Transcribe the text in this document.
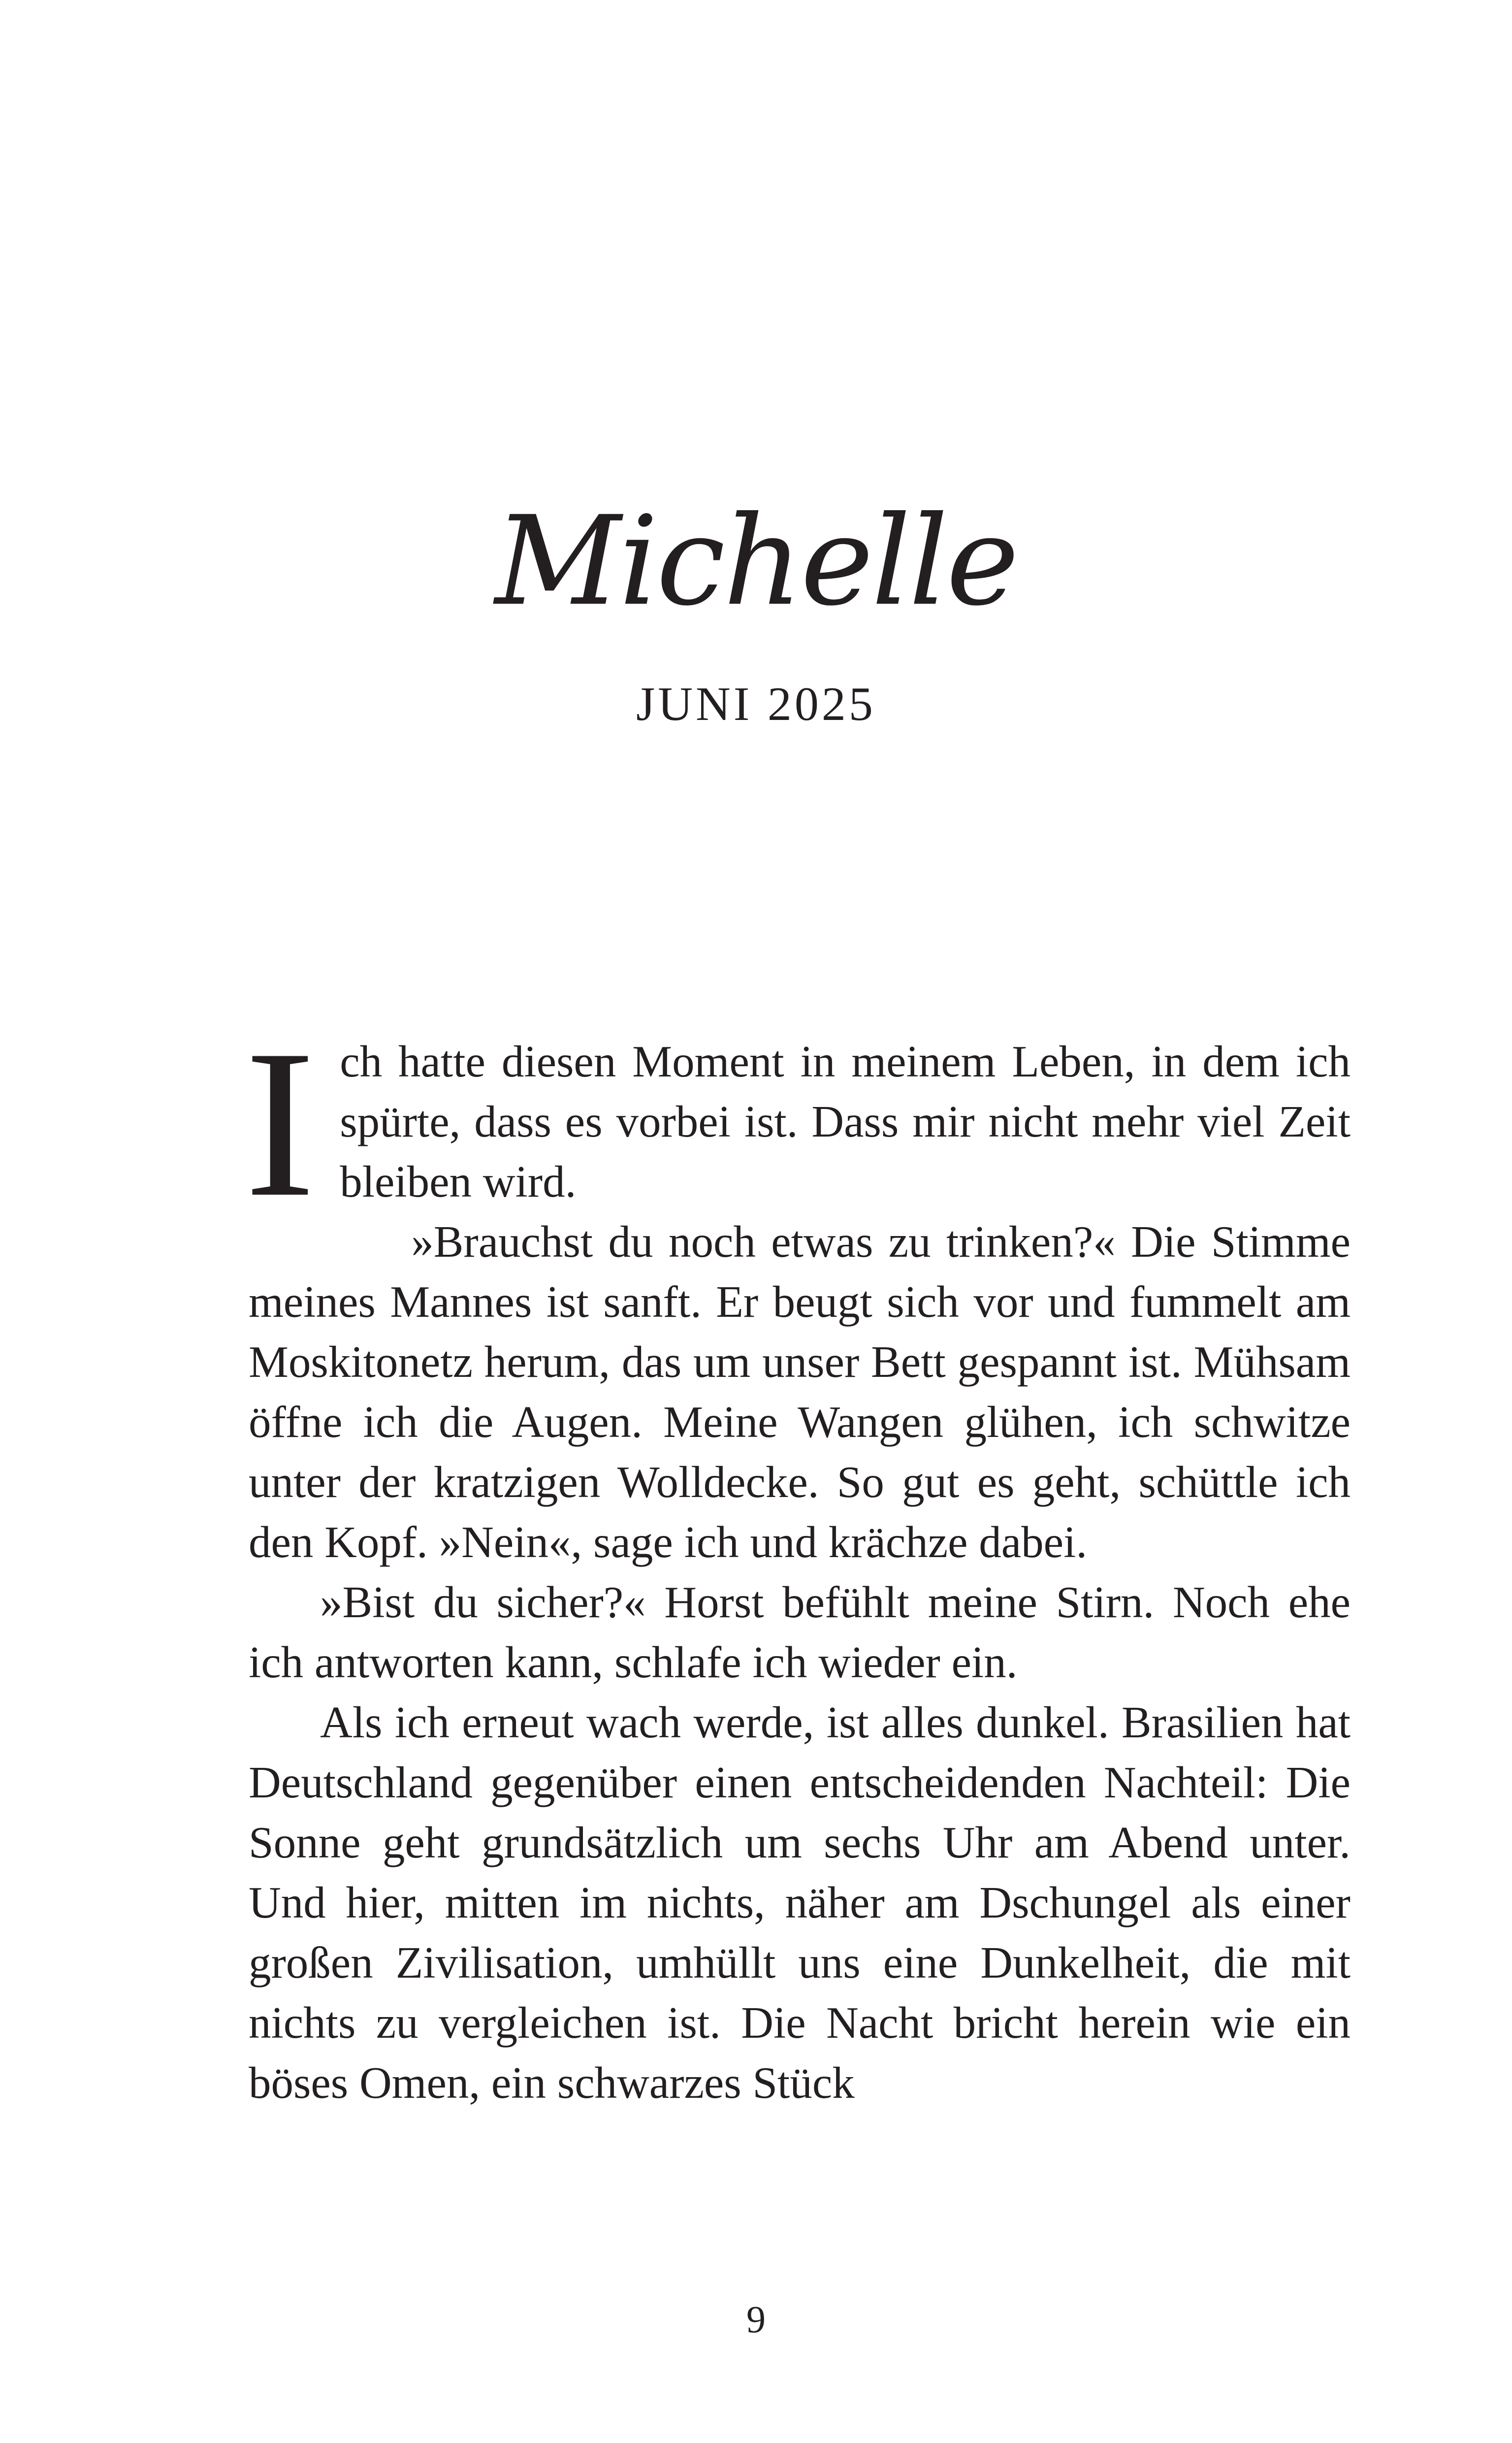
Michelle
JUNI 2025

Ich hatte diesen Moment in meinem Leben, in dem ich spürte, dass es vorbei ist. Dass mir nicht mehr viel Zeit bleiben wird.

»Brauchst du noch etwas zu trinken?« Die Stimme meines Mannes ist sanft. Er beugt sich vor und fummelt am Moskitonetz herum, das um unser Bett gespannt ist. Mühsam öffne ich die Augen. Meine Wangen glühen, ich schwitze unter der kratzigen Wolldecke. So gut es geht, schüttle ich den Kopf. »Nein«, sage ich und krächze dabei.

»Bist du sicher?« Horst befühlt meine Stirn. Noch ehe ich antworten kann, schlafe ich wieder ein.

Als ich erneut wach werde, ist alles dunkel. Brasilien hat Deutschland gegenüber einen entscheidenden Nachteil: Die Sonne geht grundsätzlich um sechs Uhr am Abend unter. Und hier, mitten im nichts, näher am Dschungel als einer großen Zivilisation, umhüllt uns eine Dunkelheit, die mit nichts zu vergleichen ist. Die Nacht bricht herein wie ein böses Omen, ein schwarzes Stück

9
